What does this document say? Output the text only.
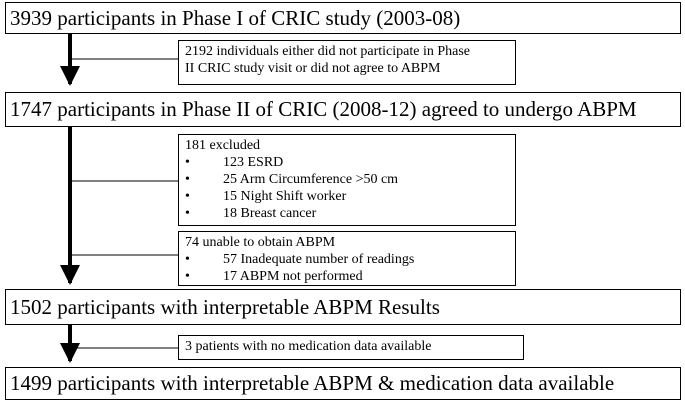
3939 participants in Phase I of CRIC study (2003-08)
2192 individuals either did not participate in Phase
II CRIC study visit or did not agree to ABPM
1747 participants in Phase II of CRIC (2008-12) agreed to undergo ABPM
181 excluded
• 123 ESRD
• 25 Arm Circumference >50 cm
• 15 Night Shift worker
• 18 Breast cancer
74 unable to obtain ABPM
• 57 Inadequate number of readings
• 17 ABPM not performed
1502 participants with interpretable ABPM Results
3 patients with no medication data available
1499 participants with interpretable ABPM & medication data available
